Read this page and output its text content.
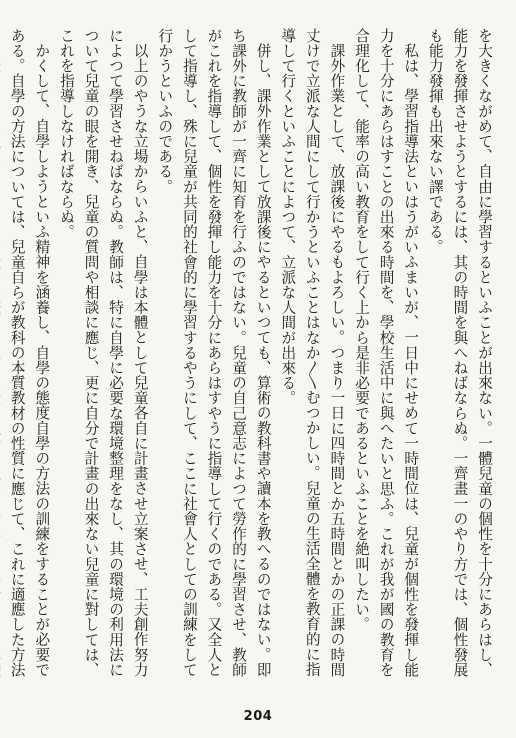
を大きくながめて、自由に學習するといふことが出來ない。一體兒童の個性を十分にあらはし、能力を發揮させようとするには、其の時間を與へねばならぬ。一齊畫一のやり方では、個性發展も能力發揮も出來ない譯である。

私は、學習指導法といはうがいふまいが、一日中にせめて一時間位は、兒童が個性を發揮し能力を十分にあらはすことの出來る時間を、學校生活中に與へたいと思ふ。これが我が國の教育を合理化して、能率の高い教育をして行く上から是非必要であるといふことを絶叫したい。

課外作業として、放課後にやるもよろしい。つまり一日に四時間とか五時間とかの正課の時間丈けで立派な人間にして行かうといふことはなか〳〵むつかしい。兒童の生活全體を教育的に指導して行くといふことによつて、立派な人間が出來る。

併し、課外作業として放課後にやるといつても、算術の教科書や讀本を教へるのではない。即ち課外に教師が一齊に知育を行ふのではない。兒童の自己意志によつて勞作的に學習させ、教師がこれを指導して、個性を發揮し能力を十分にあらはすやうに指導して行くのである。又全人として指導し、殊に兒童が共同的社會的に學習するやうにして、ここに社會人としての訓練をして行かうといふのである。

以上のやうな立場からいふと、自學は本體として兒童各自に計畫させ立案させ、工夫創作努力によつて學習させねばならぬ。教師は、特に自學に必要な環境整理をなし、其の環境の利用法について兒童の眼を開き、兒童の質問や相談に應じ、更に自分で計畫の出來ない兒童に對しては、これを指導しなければならぬ。

かくして、自學しようといふ精神を涵養し、自學の態度自學の方法の訓練をすることが必要である。自學の方法については、兒童自らが教科の本質教材の性質に應じて、これに適應した方法

204
